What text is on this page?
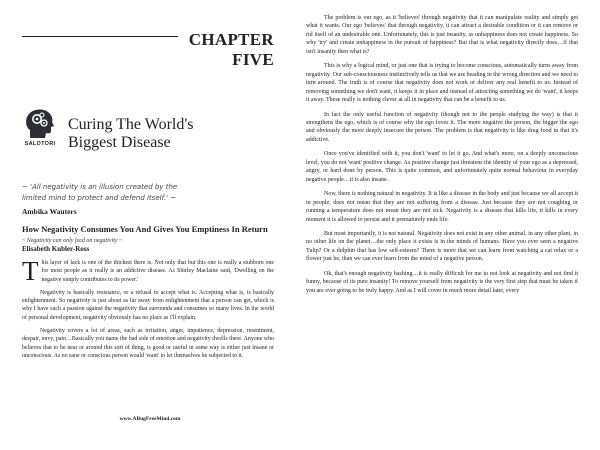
CHAPTER
FIVE
SALOTORI
Curing The World's
Biggest Disease
~ 'All negativity is an illusion created by the
limited mind to protect and defend itself.' ~
Ambika Wauters
How Negativity Consumes You And Gives You Emptiness In Return
~ Negativity can only feed on negativity ~
Elisabeth Kubler-Ross

This layer of lack is one of the thickest there is. Not only that but this one is really a stubborn one for most people as it really is an addictive disease. As Shirley Maclaine said, 'Dwelling on the negative simply contributes to its power.'

Negativity is basically resistance, or a refusal to accept what is. Accepting what is, is basically enlightenment. So negativity is just about as far away from enlightenment that a person can get, which is why I have such a passion against the negativity that surrounds and consumes so many lives. In the world of personal development, negativity obviously has no place as I'll explain.

Negativity covers a lot of areas, such as irritation, anger, impatience, depression, resentment, despair, envy, pain…Basically you name the bad side of emotion and negativity dwells there. Anyone who believes that to be near or around this sort of thing, is good or useful in some way is either just insane or unconscious. As no sane or conscious person would 'want' to let themselves be subjected to it.

www.ABugFreeMind.com

The problem is our ego, as it 'believes' through negativity that it can manipulate reality and simply get what it wants. Our ego 'believes' that through negativity, it can attract a desirable condition or it can remove or rid itself of an undesirable one. Unfortunately, this is just insanity, as unhappiness does not create happiness. So why 'try' and create unhappiness in the pursuit of happiness? But that is what negativity directly does…if that isn't insanity then what is?

This is why a logical mind, or just one that is trying to become conscious, automatically turns away from negativity. Our sub-consciousness instinctively tells us that we are heading in the wrong direction and we need to turn around. The truth is of course that negativity does not work or deliver any real benefit to us. Instead of removing something we don't want, it keeps it in place and instead of attracting something we do 'want', it keeps it away. These really is nothing clever at all in negativity that can be a benefit to us.

In fact the only useful function of negativity (though not to the people studying the way) is that it strengthens the ego, which is of course why the ego loves it. The more negative the person, the bigger the ego and obviously the more deeply insecure the person. The problem is that negativity is like drug food in that it's addictive.

Once you've identified with it, you don't 'want' to let it go. And what's more, on a deeply unconscious level, you do not 'want' positive change. As positive change just threatens the identity of your ego as a depressed, angry, or hard done by person. This is quite common, and unfortunately quite normal behaviour in everyday negative people…it is also insane.

Now, there is nothing natural in negativity. It is like a disease in the body and just because we all accept it in people, does not mean that they are not suffering from a disease. Just because they are not coughing or running a temperature does not mean they are not sick. Negativity is a disease that kills life, it kills in every moment it is allowed to persist and it prematurely ends life.

But most importantly, it is not natural. Negativity does not exist in any other animal, in any other plant, in no other life on the planet…the only place it exists is in the minds of humans. Have you ever seen a negative Tulip? Or a dolphin that has low self-esteem? There is more that we can learn from watching a cat relax or a flower just be, than we can ever learn from the mind of a negative person.

Ok, that's enough negativity bashing…it is really difficult for me to not look at negativity and not find it funny, because of its pure insanity! To remove yourself from negativity is the very first step that must be taken if you are ever going to be truly happy. And as I will cover in much more detail later, every
